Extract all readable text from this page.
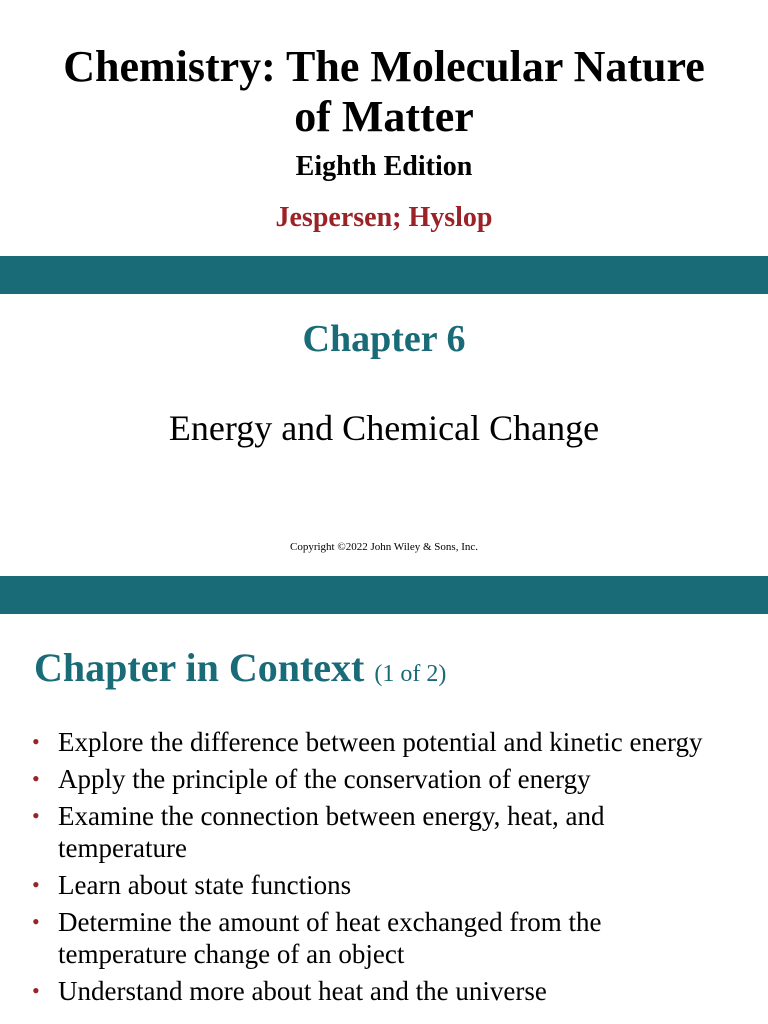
Chemistry: The Molecular Nature
of Matter
Eighth Edition
Jespersen; Hyslop
Chapter 6
Energy and Chemical Change
Copyright ©2022 John Wiley & Sons, Inc.
Chapter in Context (1 of 2)
• Explore the difference between potential and kinetic energy
• Apply the principle of the conservation of energy
• Examine the connection between energy, heat, and temperature
• Learn about state functions
• Determine the amount of heat exchanged from the temperature change of an object
• Understand more about heat and the universe
